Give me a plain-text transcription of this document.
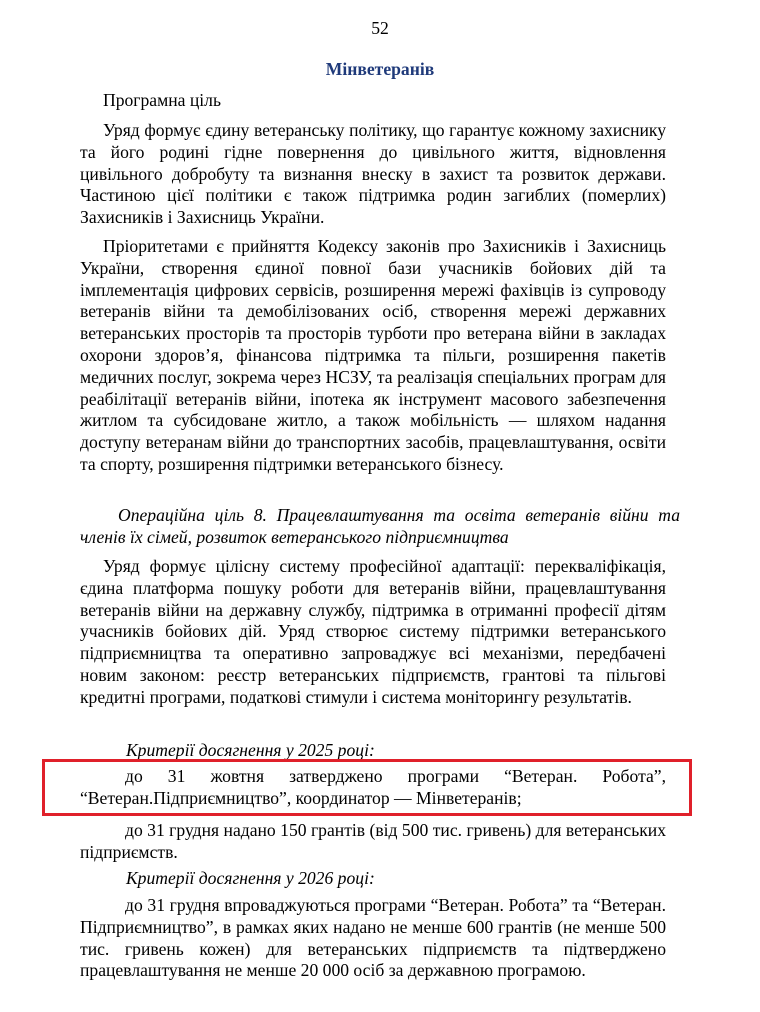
52
Мінветеранів
Програмна ціль

Уряд формує єдину ветеранську політику, що гарантує кожному захиснику та його родині гідне повернення до цивільного життя, відновлення цивільного добробуту та визнання внеску в захист та розвиток держави. Частиною цієї політики є також підтримка родин загиблих (померлих) Захисників і Захисниць України.

Пріоритетами є прийняття Кодексу законів про Захисників і Захисниць України, створення єдиної повної бази учасників бойових дій та імплементація цифрових сервісів, розширення мережі фахівців із супроводу ветеранів війни та демобілізованих осіб, створення мережі державних ветеранських просторів та просторів турботи про ветерана війни в закладах охорони здоров’я, фінансова підтримка та пільги, розширення пакетів медичних послуг, зокрема через НСЗУ, та реалізація спеціальних програм для реабілітації ветеранів війни, іпотека як інструмент масового забезпечення житлом та субсидоване житло, а також мобільність — шляхом надання доступу ветеранам війни до транспортних засобів, працевлаштування, освіти та спорту, розширення підтримки ветеранського бізнесу.

Операційна ціль 8. Працевлаштування та освіта ветеранів війни та членів їх сімей, розвиток ветеранського підприємництва

Уряд формує цілісну систему професійної адаптації: перекваліфікація, єдина платформа пошуку роботи для ветеранів війни, працевлаштування ветеранів війни на державну службу, підтримка в отриманні професії дітям учасників бойових дій. Уряд створює систему підтримки ветеранського підприємництва та оперативно запроваджує всі механізми, передбачені новим законом: реєстр ветеранських підприємств, грантові та пільгові кредитні програми, податкові стимули і система моніторингу результатів.

Критерії досягнення у 2025 році:

до 31 жовтня затверджено програми “Ветеран. Робота”, “Ветеран.Підприємництво”, координатор — Мінветеранів;

до 31 грудня надано 150 грантів (від 500 тис. гривень) для ветеранських підприємств.

Критерії досягнення у 2026 році:

до 31 грудня впроваджуються програми “Ветеран. Робота” та “Ветеран. Підприємництво”, в рамках яких надано не менше 600 грантів (не менше 500 тис. гривень кожен) для ветеранських підприємств та підтверджено працевлаштування не менше 20 000 осіб за державною програмою.
